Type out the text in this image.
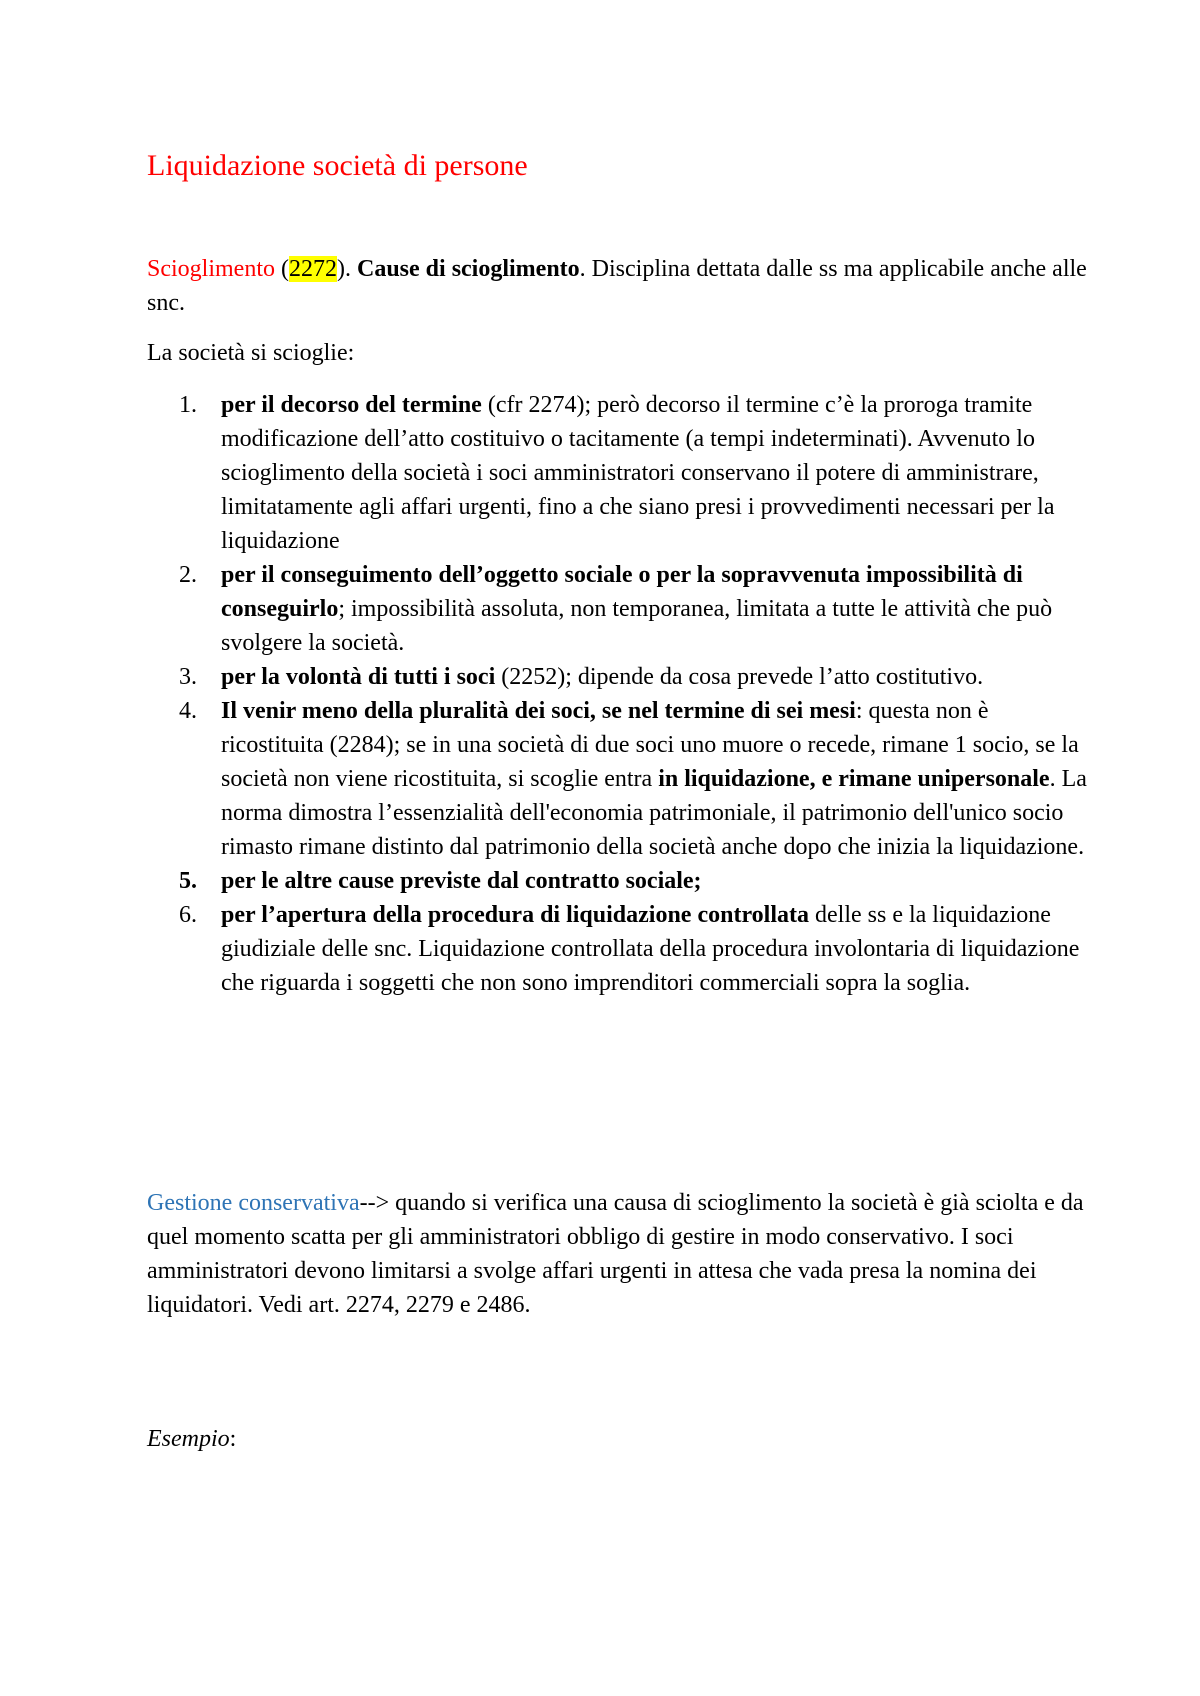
Liquidazione società di persone

Scioglimento (2272). Cause di scioglimento. Disciplina dettata dalle ss ma applicabile anche alle snc.

La società si scioglie:

1. per il decorso del termine (cfr 2274); però decorso il termine c’è la proroga tramite modificazione dell’atto costituivo o tacitamente (a tempi indeterminati). Avvenuto lo scioglimento della società i soci amministratori conservano il potere di amministrare, limitatamente agli affari urgenti, fino a che siano presi i provvedimenti necessari per la liquidazione
2. per il conseguimento dell’oggetto sociale o per la sopravvenuta impossibilità di conseguirlo; impossibilità assoluta, non temporanea, limitata a tutte le attività che può svolgere la società.
3. per la volontà di tutti i soci (2252); dipende da cosa prevede l’atto costitutivo.
4. Il venir meno della pluralità dei soci, se nel termine di sei mesi: questa non è ricostituita (2284); se in una società di due soci uno muore o recede, rimane 1 socio, se la società non viene ricostituita, si scoglie entra in liquidazione, e rimane unipersonale. La norma dimostra l’essenzialità dell'economia patrimoniale, il patrimonio dell'unico socio rimasto rimane distinto dal patrimonio della società anche dopo che inizia la liquidazione.
5. per le altre cause previste dal contratto sociale;
6. per l’apertura della procedura di liquidazione controllata delle ss e la liquidazione giudiziale delle snc. Liquidazione controllata della procedura involontaria di liquidazione che riguarda i soggetti che non sono imprenditori commerciali sopra la soglia.

Gestione conservativa--> quando si verifica una causa di scioglimento la società è già sciolta e da quel momento scatta per gli amministratori obbligo di gestire in modo conservativo. I soci amministratori devono limitarsi a svolge affari urgenti in attesa che vada presa la nomina dei liquidatori. Vedi art. 2274, 2279 e 2486.

Esempio:
